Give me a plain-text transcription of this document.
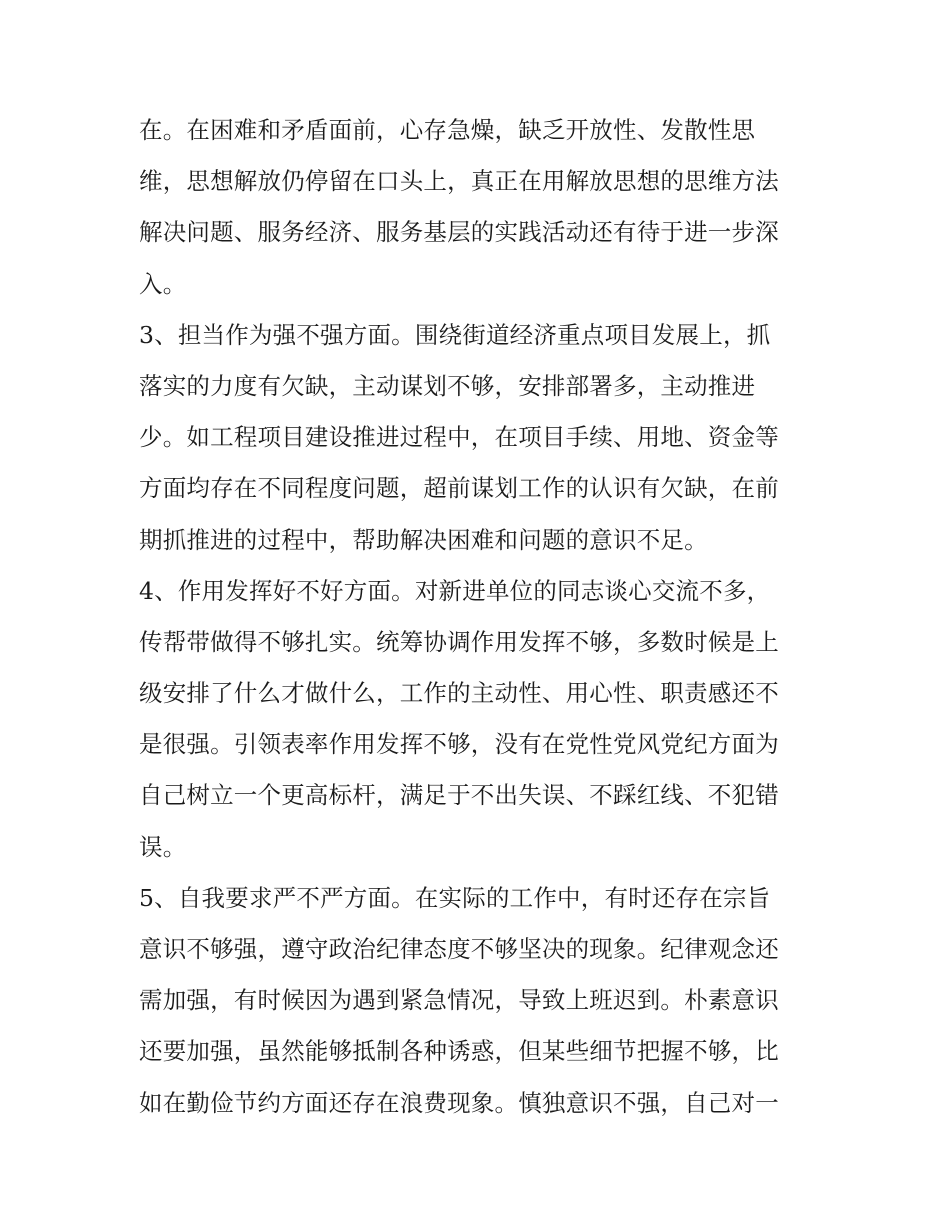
在。在困难和矛盾面前，心存急燥，缺乏开放性、发散性思
维，思想解放仍停留在口头上，真正在用解放思想的思维方法
解决问题、服务经济、服务基层的实践活动还有待于进一步深
入。
3、担当作为强不强方面。围绕街道经济重点项目发展上，抓
落实的力度有欠缺，主动谋划不够，安排部署多，主动推进
少。如工程项目建设推进过程中，在项目手续、用地、资金等
方面均存在不同程度问题，超前谋划工作的认识有欠缺，在前
期抓推进的过程中，帮助解决困难和问题的意识不足。
4、作用发挥好不好方面。对新进单位的同志谈心交流不多，
传帮带做得不够扎实。统筹协调作用发挥不够，多数时候是上
级安排了什么才做什么，工作的主动性、用心性、职责感还不
是很强。引领表率作用发挥不够，没有在党性党风党纪方面为
自己树立一个更高标杆，满足于不出失误、不踩红线、不犯错
误。
5、自我要求严不严方面。在实际的工作中，有时还存在宗旨
意识不够强，遵守政治纪律态度不够坚决的现象。纪律观念还
需加强，有时候因为遇到紧急情况，导致上班迟到。朴素意识
还要加强，虽然能够抵制各种诱惑，但某些细节把握不够，比
如在勤俭节约方面还存在浪费现象。慎独意识不强，自己对一
